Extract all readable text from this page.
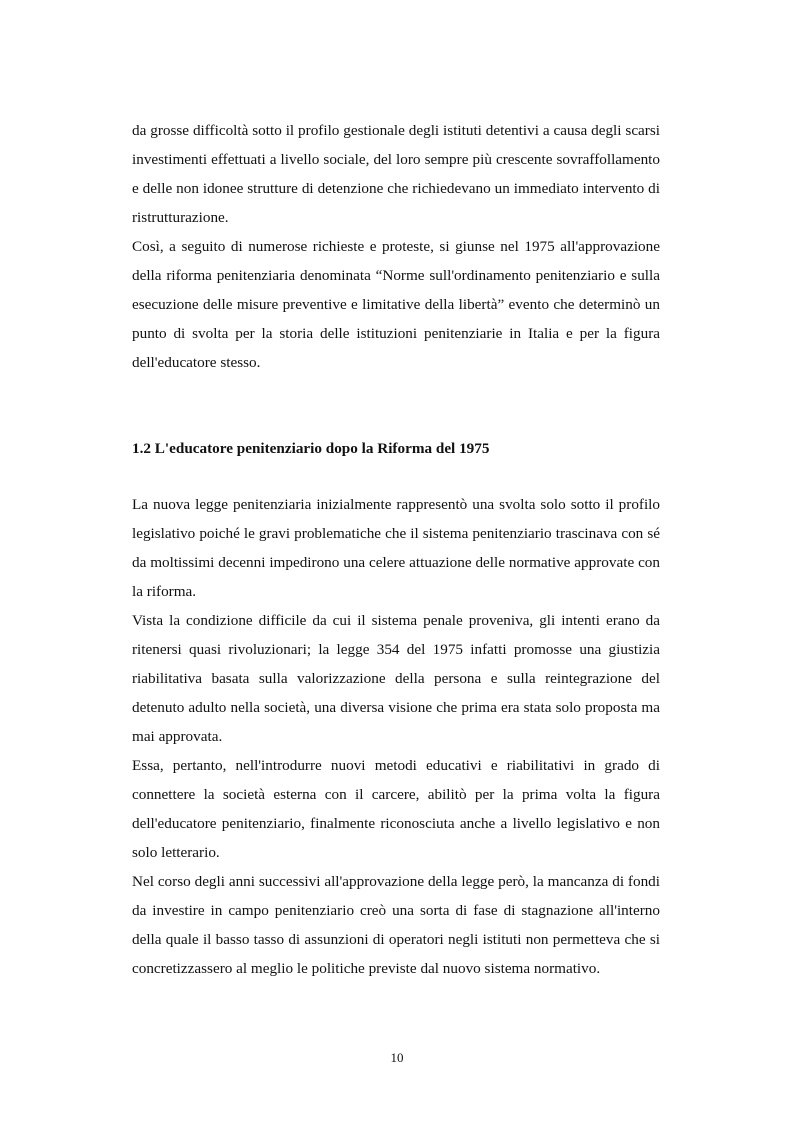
da grosse difficoltà sotto il profilo gestionale degli istituti detentivi a causa degli scarsi investimenti effettuati a livello sociale, del loro sempre più crescente sovraffollamento e delle non idonee strutture di detenzione che richiedevano un immediato intervento di ristrutturazione.

Così, a seguito di numerose richieste e proteste, si giunse nel 1975 all'approvazione della riforma penitenziaria denominata “Norme sull'ordinamento penitenziario e sulla esecuzione delle misure preventive e limitative della libertà” evento che determinò un punto di svolta per la storia delle istituzioni penitenziarie in Italia e per la figura dell'educatore stesso.

1.2 L'educatore penitenziario dopo la Riforma del 1975

La nuova legge penitenziaria inizialmente rappresentò una svolta solo sotto il profilo legislativo poiché le gravi problematiche che il sistema penitenziario trascinava con sé da moltissimi decenni impedirono una celere attuazione delle normative approvate con la riforma.

Vista la condizione difficile da cui il sistema penale proveniva, gli intenti erano da ritenersi quasi rivoluzionari; la legge 354 del 1975 infatti promosse una giustizia riabilitativa basata sulla valorizzazione della persona e sulla reintegrazione del detenuto adulto nella società, una diversa visione che prima era stata solo proposta ma mai approvata.

Essa, pertanto, nell'introdurre nuovi metodi educativi e riabilitativi in grado di connettere la società esterna con il carcere, abilitò per la prima volta la figura dell'educatore penitenziario, finalmente riconosciuta anche a livello legislativo e non solo letterario.

Nel corso degli anni successivi all'approvazione della legge però, la mancanza di fondi da investire in campo penitenziario creò una sorta di fase di stagnazione all'interno della quale il basso tasso di assunzioni di operatori negli istituti non permetteva che si concretizzassero al meglio le politiche previste dal nuovo sistema normativo.

10
